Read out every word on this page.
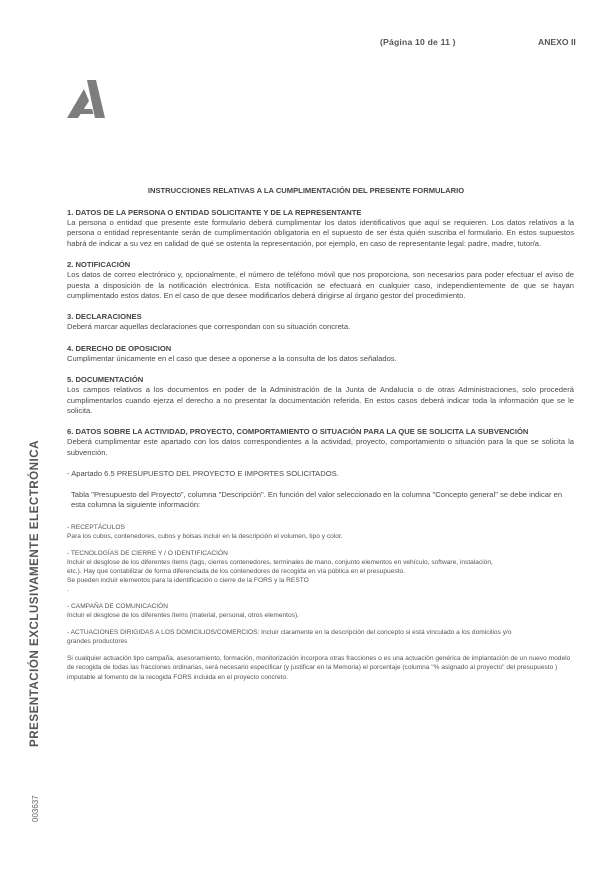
(Página 10 de 11 )	ANEXO II
PRESENTACIÓN EXCLUSIVAMENTE ELECTRÓNICA
003637
INSTRUCCIONES RELATIVAS A LA CUMPLIMENTACIÓN DEL PRESENTE FORMULARIO
1. DATOS DE LA PERSONA O ENTIDAD SOLICITANTE Y DE LA REPRESENTANTE
La persona o entidad que presente este formulario deberá cumplimentar los datos identificativos que aquí se requieren. Los datos relativos a la persona o entidad representante serán de cumplimentación obligatoria en el supuesto de ser ésta quién suscriba el formulario. En estos supuestos habrá de indicar a su vez en calidad de qué se ostenta la representación, por ejemplo, en caso de representante legal: padre, madre, tutor/a.
2. NOTIFICACIÓN
Los datos de correo electrónico y, opcionalmente, el número de teléfono móvil que nos proporciona, son necesarios para poder efectuar el aviso de puesta a disposición de la notificación electrónica. Esta notificación se efectuará en cualquier caso, independientemente de que se hayan cumplimentado estos datos. En el caso de que desee modificarlos deberá dirigirse al órgano gestor del procedimiento.
3. DECLARACIONES
Deberá marcar aquellas declaraciones que correspondan con su situación concreta.
4. DERECHO DE OPOSICION
Cumplimentar únicamente en el caso que desee a oponerse a la consulta de los datos señalados.
5. DOCUMENTACIÓN
Los campos relativos a los documentos en poder de la Administración de la Junta de Andalucía o de otras Administraciones, solo procederá cumplimentarlos cuando ejerza el derecho a no presentar la documentación referida. En estos casos deberá indicar toda la información que se le solicita.
6. DATOS SOBRE LA ACTIVIDAD, PROYECTO, COMPORTAMIENTO O SITUACIÓN PARA LA QUE SE SOLICITA LA SUBVENCIÓN
Deberá cumplimentar este apartado con los datos correspondientes a la actividad, proyecto, comportamiento o situación para la que se solicita la subvención.
- Apartado 6.5 PRESUPUESTO DEL PROYECTO E IMPORTES SOLICITADOS.
Tabla "Presupuesto del Proyecto", columna "Descripción". En función del valor seleccionado en la columna "Concepto general" se debe indicar en esta columna la siguiente información:
- RECEPTÁCULOS
Para los cubos, contenedores, cubos y bolsas incluir en la descripción el volumen, tipo y color.
- TECNOLOGÍAS DE CIERRE Y / O IDENTIFICACIÓN
Incluir el desglose de los diferentes ítems (tags, cierres contenedores, terminales de mano, conjunto elementos en vehículo, software, instalación,
etc.). Hay que contabilizar de forma diferenciada de los contenedores de recogida en vía pública en el presupuesto.
Se pueden incluir elementos para la identificación o cierre de la FORS y la RESTO
.
- CAMPAÑA DE COMUNICACIÓN
Incluir el desglose de los diferentes ítems (material, personal, otros elementos).
- ACTUACIONES DIRIGIDAS A LOS DOMICILIOS/COMERCIOS: Incluir claramente en la descripción del concepto si está vinculado a los domicilios y/o
grandes productores
Si cualquier actuación tipo campaña, asesoramiento, formación, monitorización incorpora otras fracciones o es una actuación genérica de implantación de un nuevo modelo de recogida de todas las fracciones ordinarias, será necesario especificar (y justificar en la Memoria) el porcentaje (columna "% asignado al proyecto" del presupuesto ) imputable al fomento de la recogida FORS incluida en el proyecto concreto.
